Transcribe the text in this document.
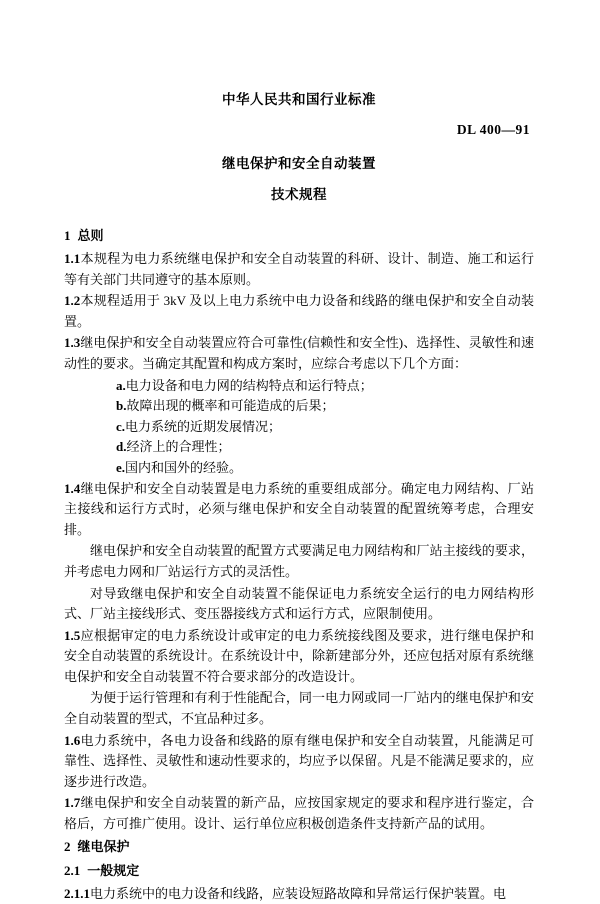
中华人民共和国行业标准
DL 400—91
继电保护和安全自动装置
技术规程
1 总则

1.1本规程为电力系统继电保护和安全自动装置的科研、设计、制造、施工和运行等有关部门共同遵守的基本原则。

1.2本规程适用于 3kV 及以上电力系统中电力设备和线路的继电保护和安全自动装置。

1.3继电保护和安全自动装置应符合可靠性(信赖性和安全性)、选择性、灵敏性和速动性的要求。当确定其配置和构成方案时，应综合考虑以下几个方面：

a.电力设备和电力网的结构特点和运行特点；

b.故障出现的概率和可能造成的后果；

c.电力系统的近期发展情况；

d.经济上的合理性；

e.国内和国外的经验。

1.4继电保护和安全自动装置是电力系统的重要组成部分。确定电力网结构、厂站主接线和运行方式时，必须与继电保护和安全自动装置的配置统筹考虑，合理安排。

继电保护和安全自动装置的配置方式要满足电力网结构和厂站主接线的要求，并考虑电力网和厂站运行方式的灵活性。

对导致继电保护和安全自动装置不能保证电力系统安全运行的电力网结构形式、厂站主接线形式、变压器接线方式和运行方式，应限制使用。

1.5应根据审定的电力系统设计或审定的电力系统接线图及要求，进行继电保护和安全自动装置的系统设计。在系统设计中，除新建部分外，还应包括对原有系统继电保护和安全自动装置不符合要求部分的改造设计。

为便于运行管理和有利于性能配合，同一电力网或同一厂站内的继电保护和安全自动装置的型式，不宜品种过多。

1.6电力系统中，各电力设备和线路的原有继电保护和安全自动装置，凡能满足可靠性、选择性、灵敏性和速动性要求的，均应予以保留。凡是不能满足要求的，应逐步进行改造。

1.7继电保护和安全自动装置的新产品，应按国家规定的要求和程序进行鉴定，合格后，方可推广使用。设计、运行单位应积极创造条件支持新产品的试用。

2 继电保护
2.1 一般规定

2.1.1电力系统中的电力设备和线路，应装设短路故障和异常运行保护装置。电
